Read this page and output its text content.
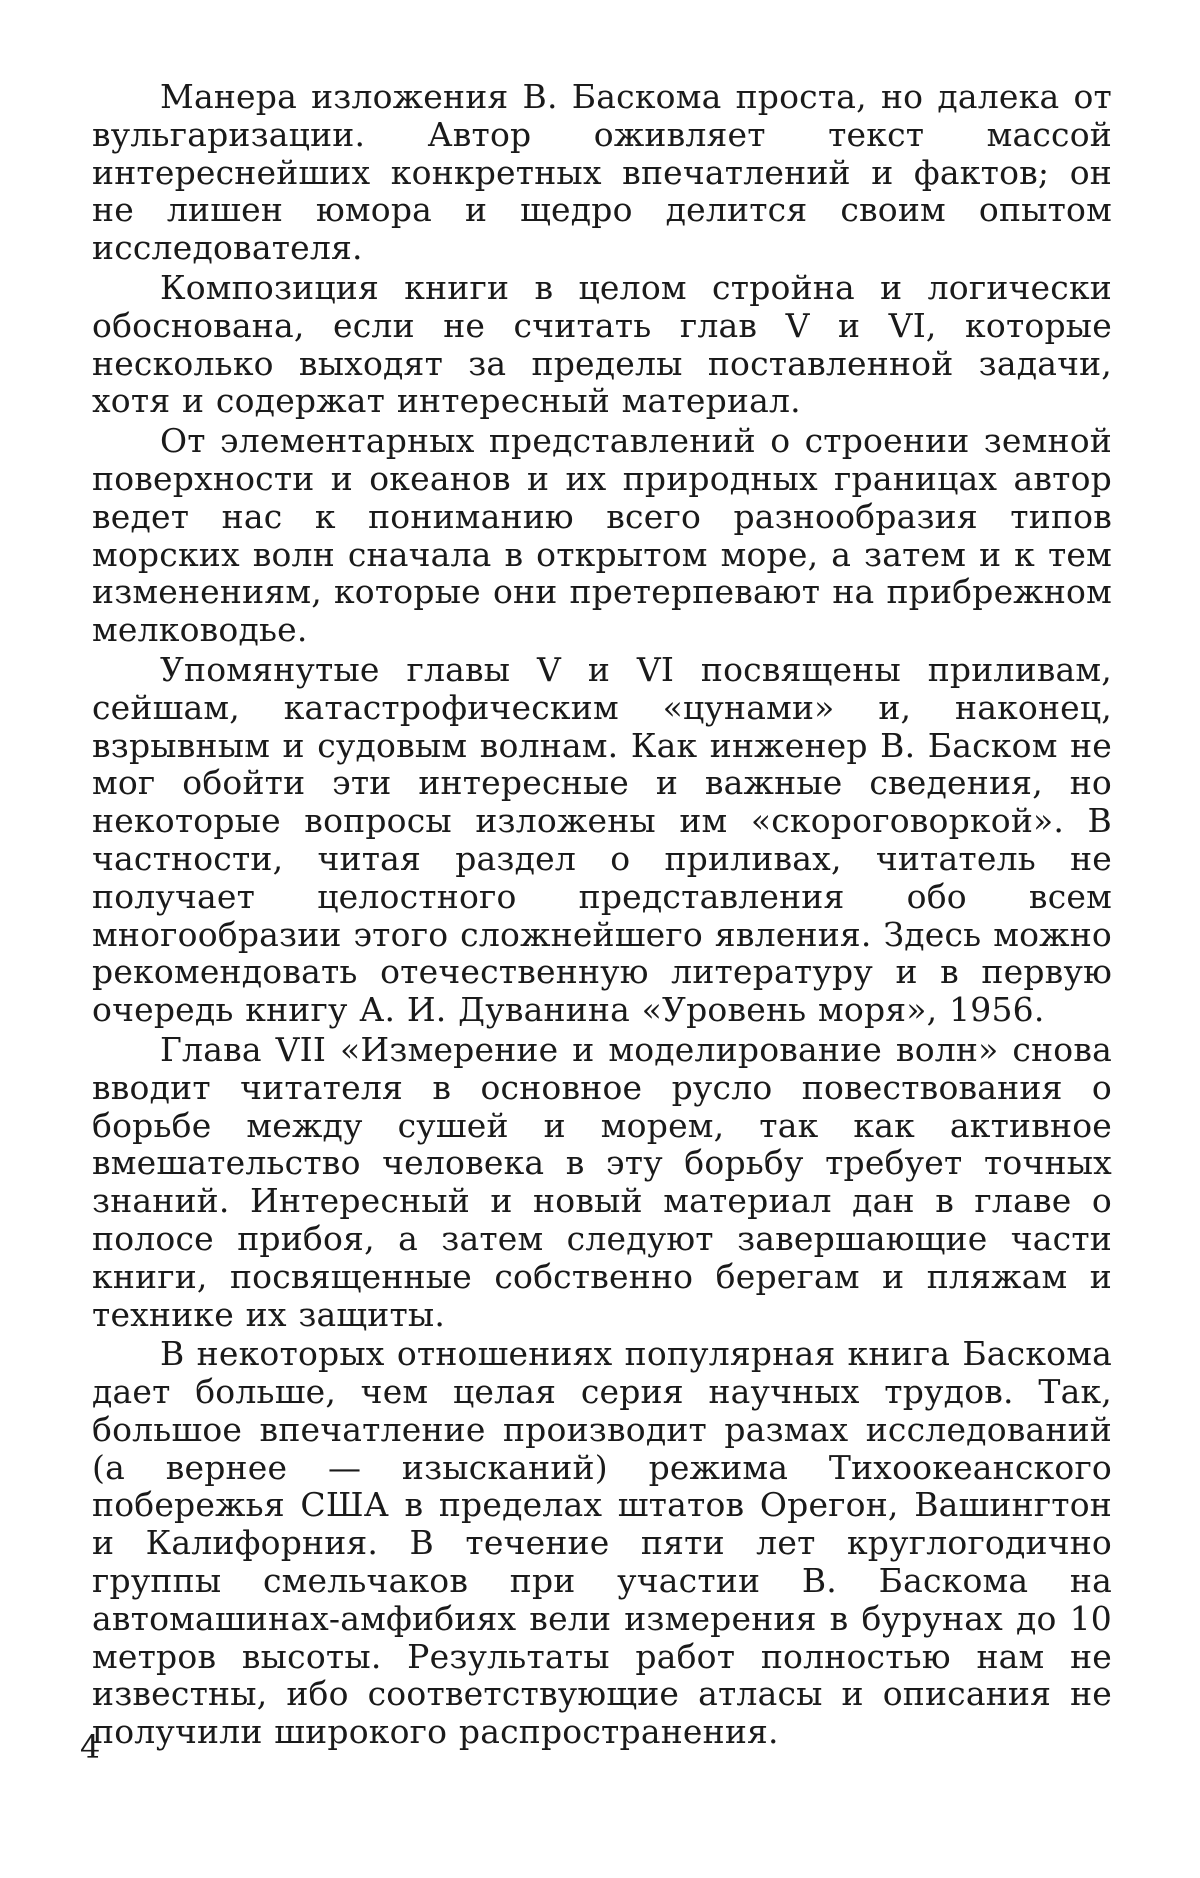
Манера изложения В. Баскома проста, но далека от вульгаризации. Автор оживляет текст массой интереснейших конкретных впечатлений и фактов; он не лишен юмора и щедро делится своим опытом исследователя.

Композиция книги в целом стройна и логически обоснована, если не считать глав V и VI, которые несколько выходят за пределы поставленной задачи, хотя и содержат интересный материал.

От элементарных представлений о строении земной поверхности и океанов и их природных границах автор ведет нас к пониманию всего разнообразия типов морских волн сначала в открытом море, а затем и к тем изменениям, которые они претерпевают на прибрежном мелководье.

Упомянутые главы V и VI посвящены приливам, сейшам, катастрофическим «цунами» и, наконец, взрывным и судовым волнам. Как инженер В. Баском не мог обойти эти интересные и важные сведения, но некоторые вопросы изложены им «скороговоркой». В частности, читая раздел о приливах, читатель не получает целостного представления обо всем многообразии этого сложнейшего явления. Здесь можно рекомендовать отечественную литературу и в первую очередь книгу А. И. Дуванина «Уровень моря», 1956.

Глава VII «Измерение и моделирование волн» снова вводит читателя в основное русло повествования о борьбе между сушей и морем, так как активное вмешательство человека в эту борьбу требует точных знаний. Интересный и новый материал дан в главе о полосе прибоя, а затем следуют завершающие части книги, посвященные собственно берегам и пляжам и технике их защиты.

В некоторых отношениях популярная книга Баскома дает больше, чем целая серия научных трудов. Так, большое впечатление производит размах исследований (а вернее — изысканий) режима Тихоокеанского побережья США в пределах штатов Орегон, Вашингтон и Калифорния. В течение пяти лет круглогодично группы смельчаков при участии В. Баскома на автомашинах-амфибиях вели измерения в бурунах до 10 метров высоты. Результаты работ полностью нам не известны, ибо соответствующие атласы и описания не получили широкого распространения.

4
